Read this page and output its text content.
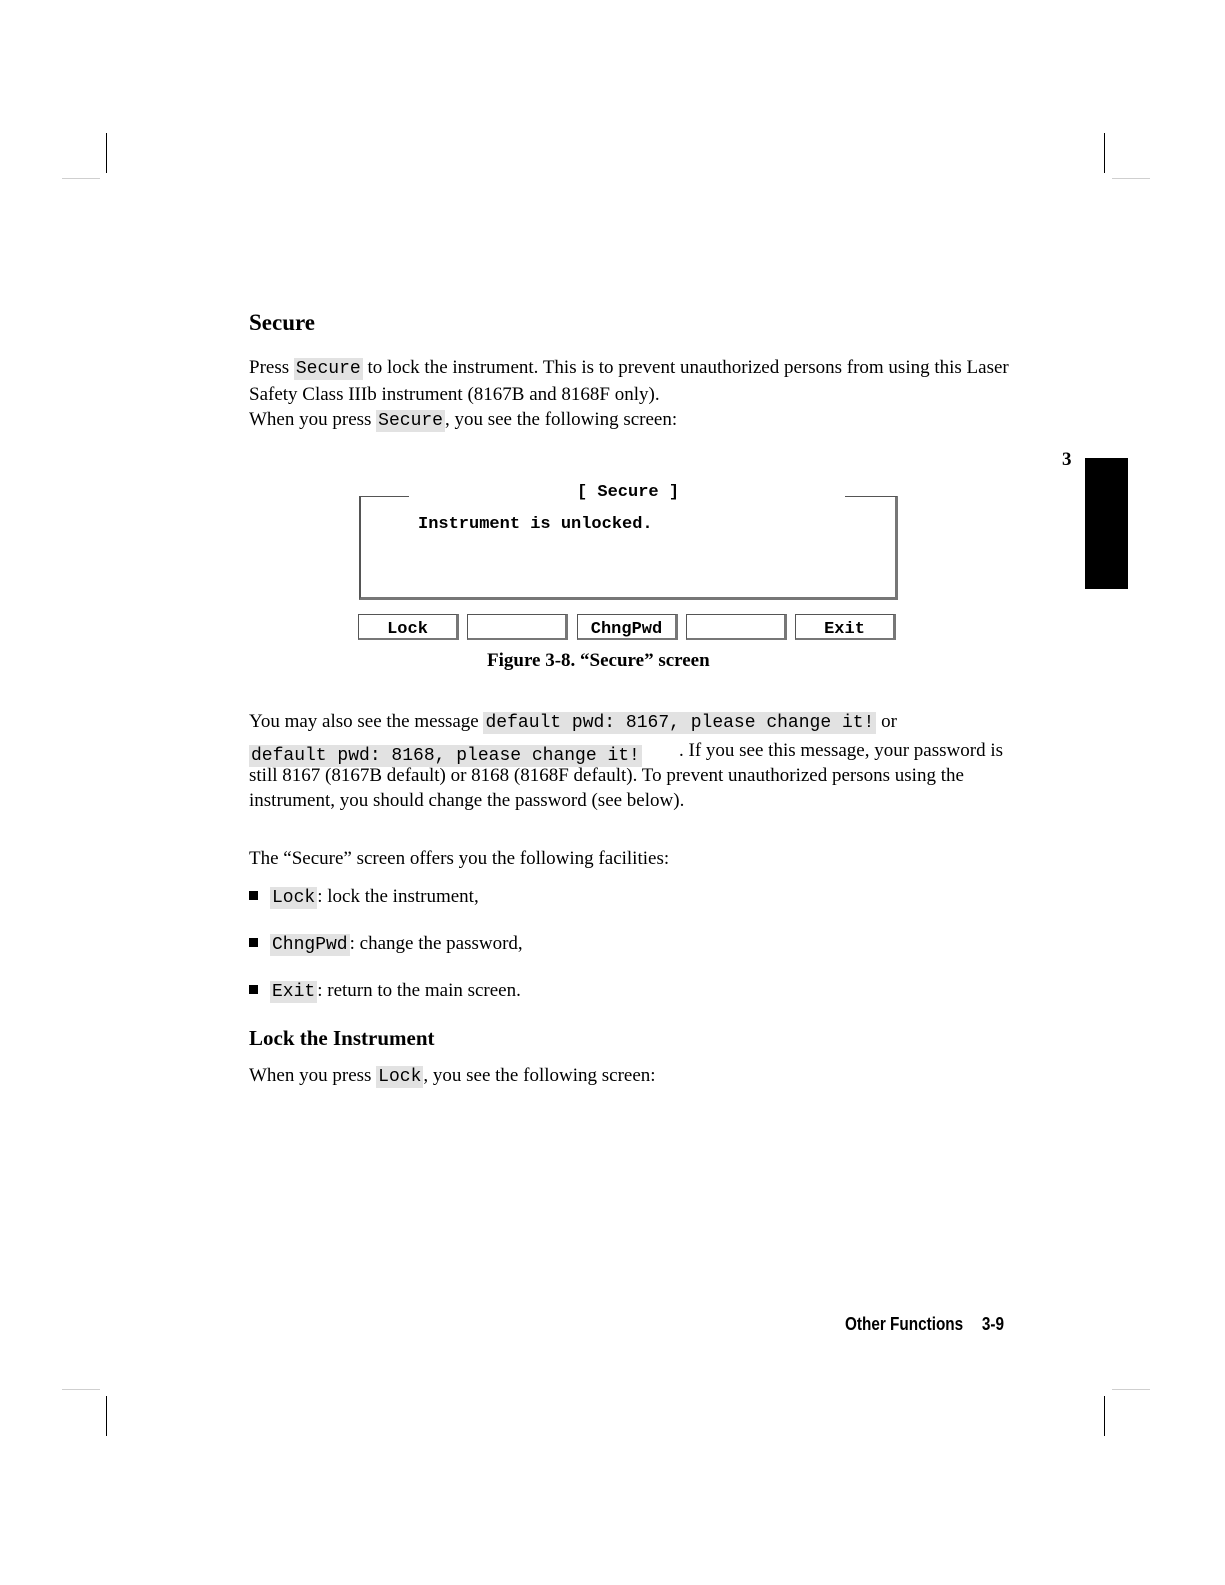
3
Secure
Press Secure to lock the instrument. This is to prevent unauthorized persons from using this Laser Safety Class IIIb instrument (8167B and 8168F only).
When you press Secure , you see the following screen:
[ Secure ]
Instrument is unlocked.
Lock	ChngPwd	Exit
Figure 3-8. “Secure” screen
You may also see the message default pwd: 8167, please change it! or
default pwd: 8168, please change it!	. If you see this message, your password is still 8167 (8167B default) or 8168 (8168F default). To prevent unauthorized persons using the instrument, you should change the password (see below).
The “Secure” screen offers you the following facilities:
Lock : lock the instrument,
ChngPwd : change the password,
Exit : return to the main screen.
Lock the Instrument
When you press Lock , you see the following screen:
Other Functions 3-9
